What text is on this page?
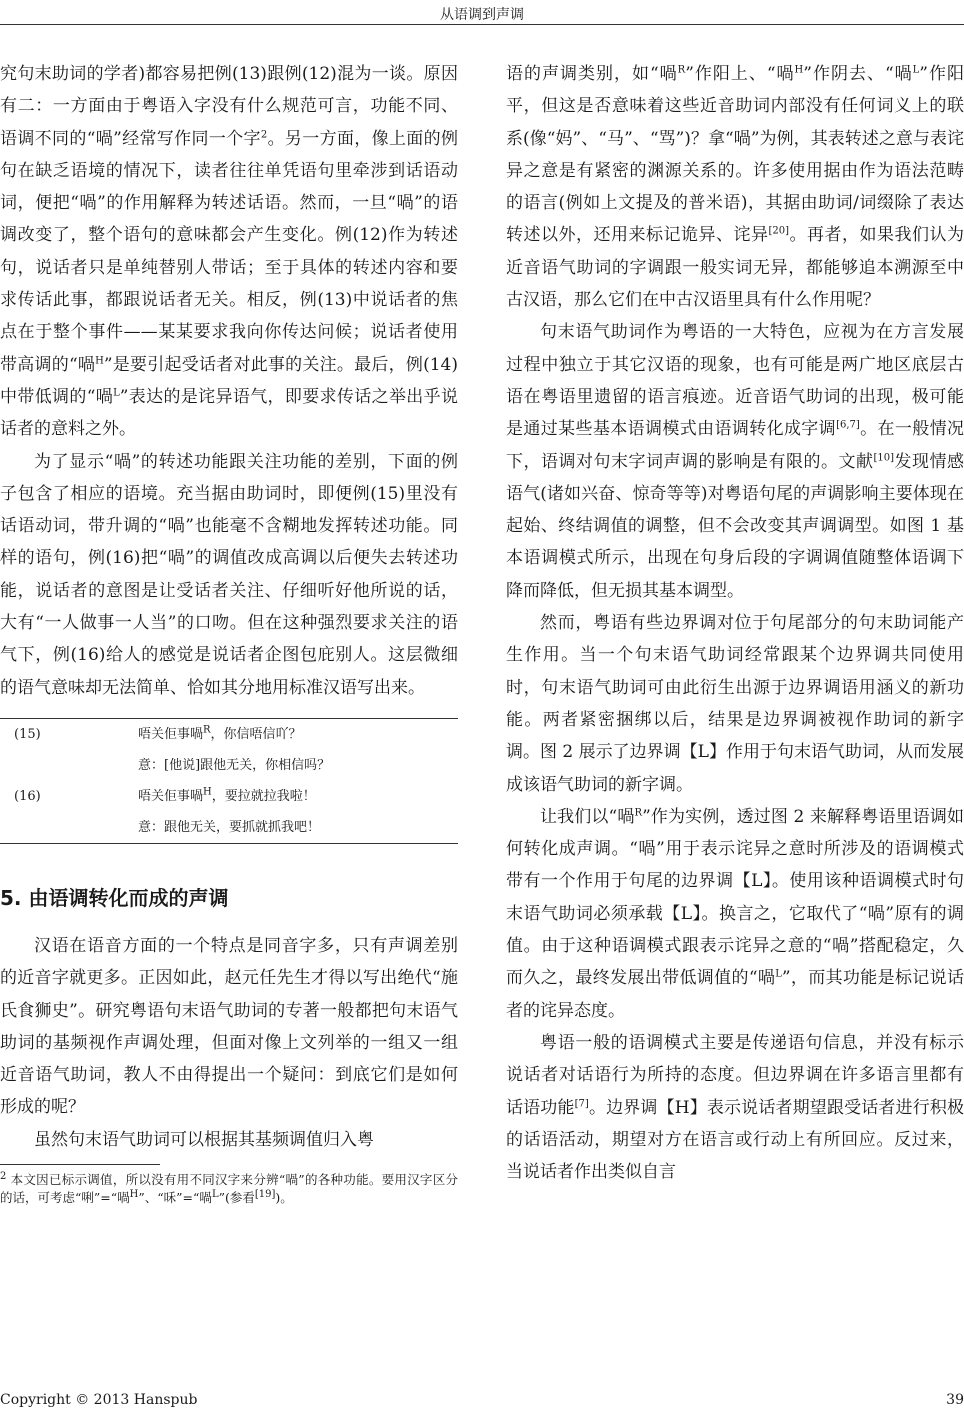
从语调到声调

究句末助词的学者)都容易把例(13)跟例(12)混为一谈。原因有二：一方面由于粤语入字没有什么规范可言，功能不同、语调不同的“喎”经常写作同一个字$^2$。另一方面，像上面的例句在缺乏语境的情况下，读者往往单凭语句里牵涉到话语动词，便把“喎”的作用解释为转述话语。然而，一旦“喎”的语调改变了，整个语句的意味都会产生变化。例(12)作为转述句，说话者只是单纯替别人带话；至于具体的转述内容和要求传话此事，都跟说话者无关。相反，例(13)中说话者的焦点在于整个事件——某某要求我向你传达问候；说话者使用带高调的“喎$^H$”是要引起受话者对此事的关注。最后，例(14)中带低调的“喎$^L$”表达的是诧异语气，即要求传话之举出乎说话者的意料之外。

为了显示“喎”的转述功能跟关注功能的差别，下面的例子包含了相应的语境。充当据由助词时，即便例(15)里没有话语动词，带升调的“喎”也能毫不含糊地发挥转述功能。同样的语句，例(16)把“喎”的调值改成高调以后便失去转述功能，说话者的意图是让受话者关注、仔细听好他所说的话，大有“一人做事一人当”的口吻。但在这种强烈要求关注的语气下，例(16)给人的感觉是说话者企图包庇别人。这层微细的语气意味却无法简单、恰如其分地用标准汉语写出来。

(15)	唔关佢事喎$^R$，你信唔信吖？
意：[他说]跟他无关，你相信吗？
(16)	唔关佢事喎$^H$，要拉就拉我啦！
意：跟他无关，要抓就抓我吧！
5. 由语调转化而成的声调

汉语在语音方面的一个特点是同音字多，只有声调差别的近音字就更多。正因如此，赵元任先生才得以写出绝代“施氏食狮史”。研究粤语句末语气助词的专著一般都把句末语气助词的基频视作声调处理，但面对像上文列举的一组又一组近音语气助词，教人不由得提出一个疑问：到底它们是如何形成的呢？

虽然句末语气助词可以根据其基频调值归入粤

$^2$ 本文因已标示调值，所以没有用不同汉字来分辨“喎”的各种功能。要用汉字区分的话，可考虑“唎”=“喎$^H$”、“咊”=“喎$^L$”(参看[19])。

语的声调类别，如“喎$^R$”作阳上、“喎$^H$”作阴去、“喎$^L$”作阳平，但这是否意味着这些近音助词内部没有任何词义上的联系(像“妈”、“马”、“骂”)？拿“喎”为例，其表转述之意与表诧异之意是有紧密的渊源关系的。许多使用据由作为语法范畴的语言(例如上文提及的普米语)，其据由助词/词缀除了表达转述以外，还用来标记诡异、诧异[20]。再者，如果我们认为近音语气助词的字调跟一般实词无异，都能够追本溯源至中古汉语，那么它们在中古汉语里具有什么作用呢？

句末语气助词作为粤语的一大特色，应视为在方言发展过程中独立于其它汉语的现象，也有可能是两广地区底层古语在粤语里遗留的语言痕迹。近音语气助词的出现，极可能是通过某些基本语调模式由语调转化成字调[6,7]。在一般情况下，语调对句末字词声调的影响是有限的。文献[10]发现情感语气(诸如兴奋、惊奇等等)对粤语句尾的声调影响主要体现在起始、终结调值的调整，但不会改变其声调调型。如图 1 基本语调模式所示，出现在句身后段的字调调值随整体语调下降而降低，但无损其基本调型。

然而，粤语有些边界调对位于句尾部分的句末助词能产生作用。当一个句末语气助词经常跟某个边界调共同使用时，句末语气助词可由此衍生出源于边界调语用涵义的新功能。两者紧密捆绑以后，结果是边界调被视作助词的新字调。图 2 展示了边界调【L】作用于句末语气助词，从而发展成该语气助词的新字调。

让我们以“喎$^R$”作为实例，透过图 2 来解释粤语里语调如何转化成声调。“喎”用于表示诧异之意时所涉及的语调模式带有一个作用于句尾的边界调【L】。使用该种语调模式时句末语气助词必须承载【L】。换言之，它取代了“喎”原有的调值。由于这种语调模式跟表示诧异之意的“喎”搭配稳定，久而久之，最终发展出带低调值的“喎$^L$”，而其功能是标记说话者的诧异态度。

粤语一般的语调模式主要是传递语句信息，并没有标示说话者对话语行为所持的态度。但边界调在许多语言里都有话语功能[7]。边界调【H】表示说话者期望跟受话者进行积极的话语活动，期望对方在语言或行动上有所回应。反过来，当说话者作出类似自言

Copyright © 2013 Hanspub	39
